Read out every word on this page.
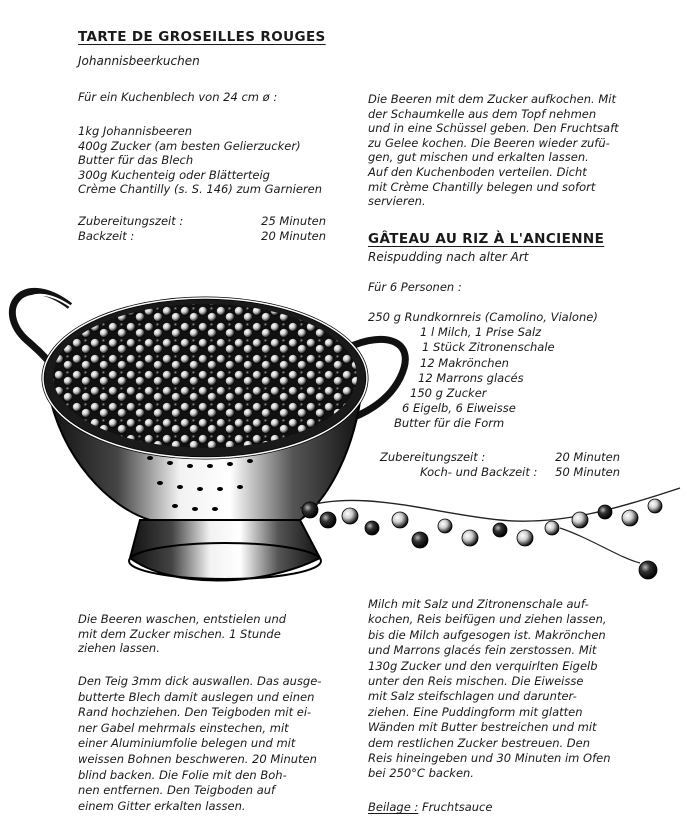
TARTE DE GROSEILLES ROUGES
Johannisbeerkuchen
Für ein Kuchenblech von 24 cm ø :
1kg Johannisbeeren
400g Zucker (am besten Gelierzucker)
Butter für das Blech
300g Kuchenteig oder Blätterteig
Crème Chantilly (s. S. 146) zum Garnieren
Zubereitungszeit :	25 Minuten
Backzeit :	20 Minuten
Die Beeren mit dem Zucker aufkochen. Mit
der Schaumkelle aus dem Topf nehmen
und in eine Schüssel geben. Den Fruchtsaft
zu Gelee kochen. Die Beeren wieder zufü-
gen, gut mischen und erkalten lassen.
Auf den Kuchenboden verteilen. Dicht
mit Crème Chantilly belegen und sofort
servieren.
GÂTEAU AU RIZ À L'ANCIENNE
Reispudding nach alter Art
Für 6 Personen :
250 g Rundkornreis (Camolino, Vialone)
1 l Milch, 1 Prise Salz
1 Stück Zitronenschale
12 Makrönchen
12 Marrons glacés
150 g Zucker
6 Eigelb, 6 Eiweisse
Butter für die Form
Zubereitungszeit :	20 Minuten
Koch- und Backzeit : 50 Minuten
Die Beeren waschen, entstielen und
mit dem Zucker mischen. 1 Stunde
ziehen lassen.
Den Teig 3mm dick auswallen. Das ausge-
butterte Blech damit auslegen und einen
Rand hochziehen. Den Teigboden mit ei-
ner Gabel mehrmals einstechen, mit
einer Aluminiumfolie belegen und mit
weissen Bohnen beschweren. 20 Minuten
blind backen. Die Folie mit den Boh-
nen entfernen. Den Teigboden auf
einem Gitter erkalten lassen.
Milch mit Salz und Zitronenschale auf-
kochen, Reis beifügen und ziehen lassen,
bis die Milch aufgesogen ist. Makrönchen
und Marrons glacés fein zerstossen. Mit
130g Zucker und den verquirlten Eigelb
unter den Reis mischen. Die Eiweisse
mit Salz steifschlagen und darunter-
ziehen. Eine Puddingform mit glatten
Wänden mit Butter bestreichen und mit
dem restlichen Zucker bestreuen. Den
Reis hineingeben und 30 Minuten im Ofen
bei 250°C backen.
Beilage : Fruchtsauce
